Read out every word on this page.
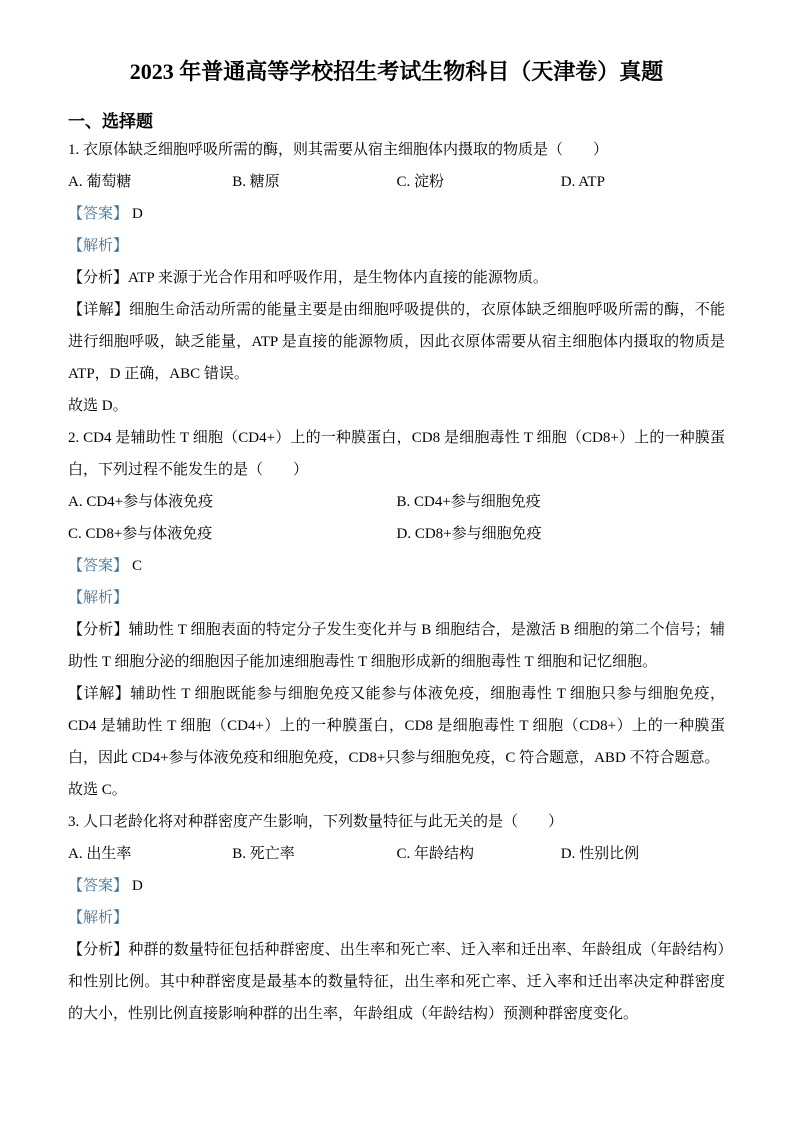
2023 年普通高等学校招生考试生物科目（天津卷）真题
一、选择题

1. 衣原体缺乏细胞呼吸所需的酶，则其需要从宿主细胞体内摄取的物质是（　　）

A. 葡萄糖	B. 糖原	C. 淀粉	D. ATP

【答案】 D

【解析】

【分析】ATP 来源于光合作用和呼吸作用，是生物体内直接的能源物质。

【详解】细胞生命活动所需的能量主要是由细胞呼吸提供的，衣原体缺乏细胞呼吸所需的酶，不能进行细胞呼吸，缺乏能量，ATP 是直接的能源物质，因此衣原体需要从宿主细胞体内摄取的物质是 ATP，D 正确，ABC 错误。

故选 D。

2. CD4 是辅助性 T 细胞（CD4+）上的一种膜蛋白，CD8 是细胞毒性 T 细胞（CD8+）上的一种膜蛋白，下列过程不能发生的是（　　）

A. CD4+参与体液免疫	B. CD4+参与细胞免疫
C. CD8+参与体液免疫	D. CD8+参与细胞免疫

【答案】 C

【解析】

【分析】辅助性 T 细胞表面的特定分子发生变化并与 B 细胞结合，是激活 B 细胞的第二个信号；辅助性 T 细胞分泌的细胞因子能加速细胞毒性 T 细胞形成新的细胞毒性 T 细胞和记忆细胞。

【详解】辅助性 T 细胞既能参与细胞免疫又能参与体液免疫，细胞毒性 T 细胞只参与细胞免疫，CD4 是辅助性 T 细胞（CD4+）上的一种膜蛋白，CD8 是细胞毒性 T 细胞（CD8+）上的一种膜蛋白，因此 CD4+参与体液免疫和细胞免疫，CD8+只参与细胞免疫，C 符合题意，ABD 不符合题意。

故选 C。

3. 人口老龄化将对种群密度产生影响，下列数量特征与此无关的是（　　）

A. 出生率	B. 死亡率	C. 年龄结构	D. 性别比例

【答案】 D

【解析】

【分析】种群的数量特征包括种群密度、出生率和死亡率、迁入率和迁出率、年龄组成（年龄结构）和性别比例。其中种群密度是最基本的数量特征，出生率和死亡率、迁入率和迁出率决定种群密度的大小，性别比例直接影响种群的出生率，年龄组成（年龄结构）预测种群密度变化。
